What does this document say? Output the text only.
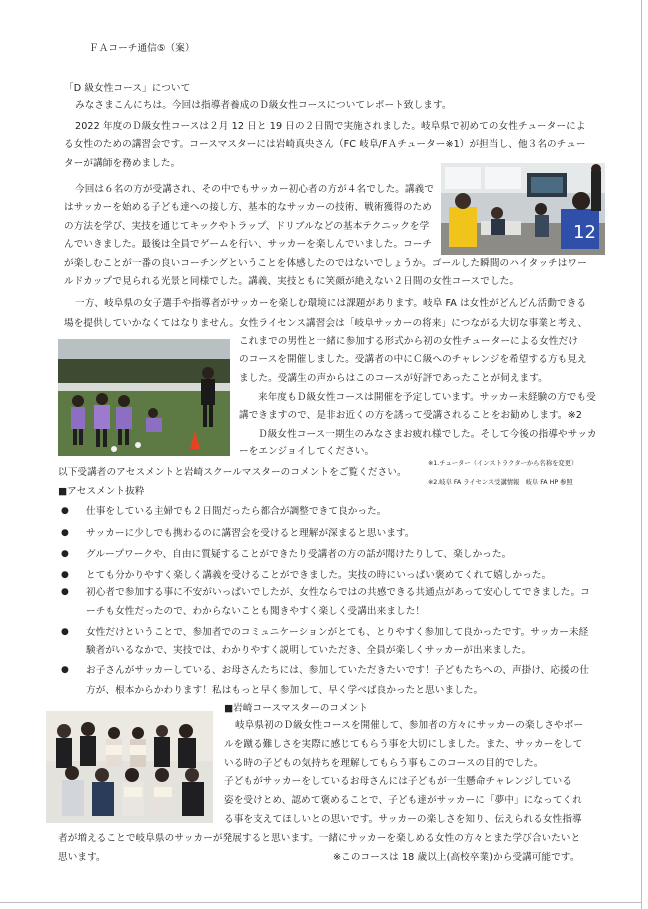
ＦＡコーチ通信⑤（案）
「D 級女性コース」について
みなさまこんにちは。今回は指導者養成のＤ級女性コースについてレポート致します。
2022 年度のＤ級女性コースは２月 12 日と 19 日の２日間で実施されました。岐阜県で初めての女性チューターによ
る女性のための講習会です。コースマスターには岩崎真央さん（FC 岐阜/FＡチューター※1）が担当し、他３名のチュー
ターが講師を務めました。
12
今回は６名の方が受講され、その中でもサッカー初心者の方が４名でした。講義で
はサッカーを始める子ども達への接し方、基本的なサッカーの技術、戦術獲得のため
の方法を学び、実技を通じてキックやトラップ、ドリブルなどの基本テクニックを学
んでいきました。最後は全員でゲームを行い、サッカーを楽しんでいました。コーチ
が楽しむことが一番の良いコーチングということを体感したのではないでしょうか。ゴールした瞬間のハイタッチはワー
ルドカップで見られる光景と同様でした。講義、実技ともに笑顔が絶えない２日間の女性コースでした。
一方、岐阜県の女子選手や指導者がサッカーを楽しむ環境には課題があります。岐阜 FA は女性がどんどん活動できる
場を提供していかなくてはなりません。女性ライセンス講習会は「岐阜サッカーの将来」につながる大切な事業と考え、
これまでの男性と一緒に参加する形式から初の女性チューターによる女性だけ
のコースを開催しました。受講者の中にＣ級へのチャレンジを希望する方も見え
ました。受講生の声からはこのコースが好評であったことが伺えます。
来年度もＤ級女性コースは開催を予定しています。サッカー未経験の方でも受
講できますので、是非お近くの方を誘って受講されることをお勧めします。※2
Ｄ級女性コース一期生のみなさまお疲れ様でした。そして今後の指導やサッカ
ーをエンジョイしてください。
※1.チューター（インストラクターから名称を変更）
※2.岐阜 FA ライセンス受講情報　岐阜 FA HP 参照
以下受講者のアセスメントと岩崎スクールマスターのコメントをご覧ください。
■アセスメント抜粋
● 仕事をしている主婦でも２日間だったら都合が調整できて良かった。
● サッカーに少しでも携わるのに講習会を受けると理解が深まると思います。
● グループワークや、自由に質疑することができたり受講者の方の話が聞けたりして、楽しかった。
● とても分かりやすく楽しく講義を受けることができました。実技の時にいっぱい褒めてくれて嬉しかった。
● 初心者で参加する事に不安がいっぱいでしたが、女性ならではの共感できる共通点があって安心してできました。コ
ーチも女性だったので、わからないことも聞きやすく楽しく受講出来ました！
● 女性だけということで、参加者でのコミュニケーションがとても、とりやすく参加して良かったです。サッカー未経
験者がいるなかで、実技では、わかりやすく説明していただき、全員が楽しくサッカーが出来ました。
● お子さんがサッカーしている、お母さんたちには、参加していただきたいです！子どもたちへの、声掛け、応援の仕
方が、根本からかわります！私はもっと早く参加して、早く学べば良かったと思いました。
■岩崎コースマスターのコメント
岐阜県初のＤ級女性コースを開催して、参加者の方々にサッカーの楽しさやボー
ルを蹴る難しさを実際に感じてもらう事を大切にしました。また、サッカーをして
いる時の子どもの気持ちを理解してもらう事もこのコースの目的でした。
子どもがサッカーをしているお母さんには子どもが一生懸命チャレンジしている
姿を受けとめ、認めて褒めることで、子ども達がサッカーに「夢中」になってくれ
る事を支えてほしいとの思いです。サッカーの楽しさを知り、伝えられる女性指導
者が増えることで岐阜県のサッカーが発展すると思います。一緒にサッカーを楽しめる女性の方々とまた学び合いたいと
思います。	※このコースは 18 歳以上(高校卒業)から受講可能です。
